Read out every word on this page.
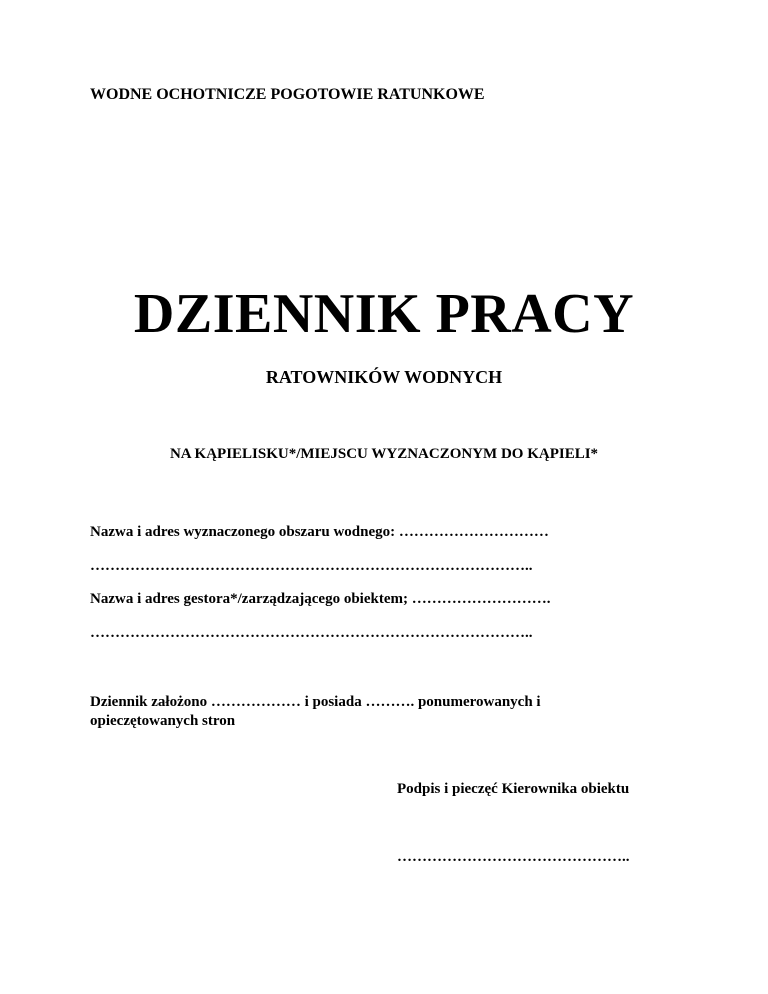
WODNE OCHOTNICZE POGOTOWIE RATUNKOWE
DZIENNIK PRACY
RATOWNIKÓW WODNYCH
NA KĄPIELISKU*/MIEJSCU WYZNACZONYM DO KĄPIELI*
Nazwa i adres wyznaczonego obszaru wodnego: …………………………
……………………………………………………………………………..
Nazwa i adres gestora*/zarządzającego obiektem; ……………………….
……………………………………………………………………………..
Dziennik założono ……………… i posiada ………. ponumerowanych i
opieczętowanych stron
Podpis i pieczęć Kierownika obiektu
………………………………………..
